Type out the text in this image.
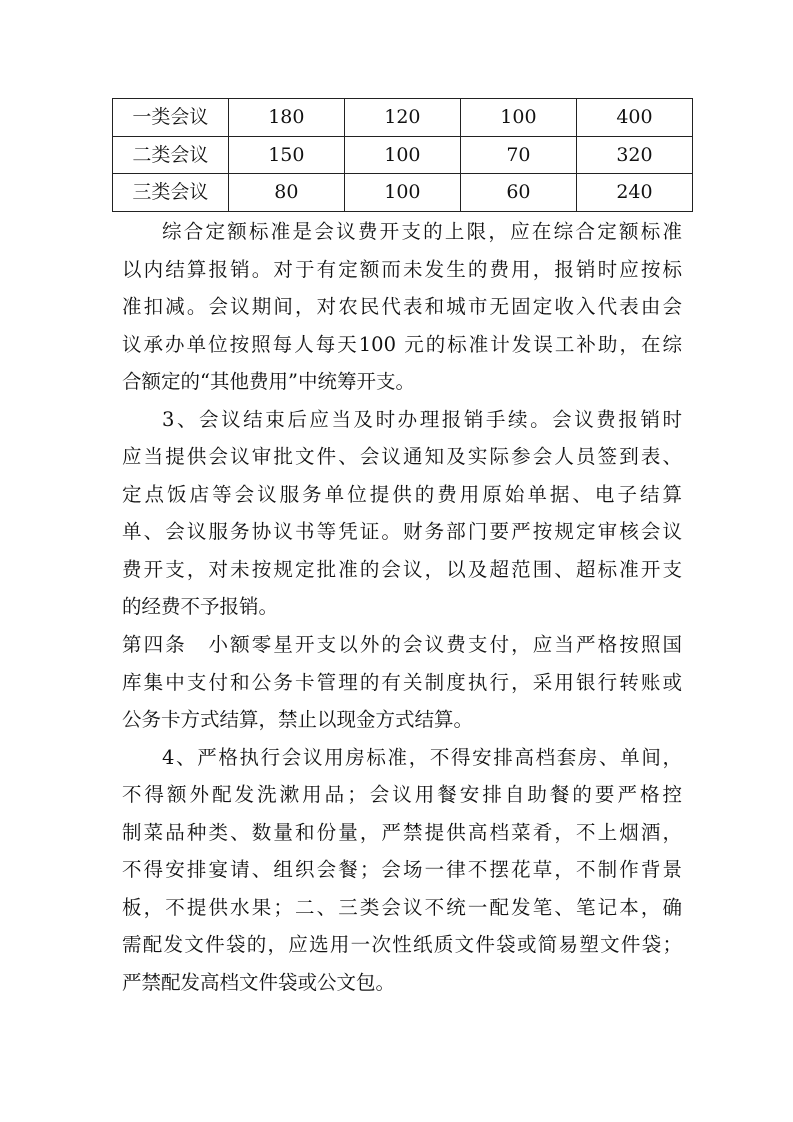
一类会议	180	120	100	400
二类会议	150	100	70	320
三类会议	80	100	60	240
综合定额标准是会议费开支的上限，应在综合定额标准
以内结算报销。对于有定额而未发生的费用，报销时应按标
准扣减。会议期间，对农民代表和城市无固定收入代表由会
议承办单位按照每人每天100 元的标准计发误工补助，在综
合额定的“其他费用”中统筹开支。
3、会议结束后应当及时办理报销手续。会议费报销时
应当提供会议审批文件、会议通知及实际参会人员签到表、
定点饭店等会议服务单位提供的费用原始单据、电子结算
单、会议服务协议书等凭证。财务部门要严按规定审核会议
费开支，对未按规定批准的会议，以及超范围、超标准开支
的经费不予报销。
第四条　小额零星开支以外的会议费支付，应当严格按照国
库集中支付和公务卡管理的有关制度执行，采用银行转账或
公务卡方式结算，禁止以现金方式结算。
4、严格执行会议用房标准，不得安排高档套房、单间，
不得额外配发洗漱用品；会议用餐安排自助餐的要严格控
制菜品种类、数量和份量，严禁提供高档菜肴，不上烟酒，
不得安排宴请、组织会餐；会场一律不摆花草，不制作背景
板，不提供水果；二、三类会议不统一配发笔、笔记本，确
需配发文件袋的，应选用一次性纸质文件袋或简易塑文件袋；
严禁配发高档文件袋或公文包。
